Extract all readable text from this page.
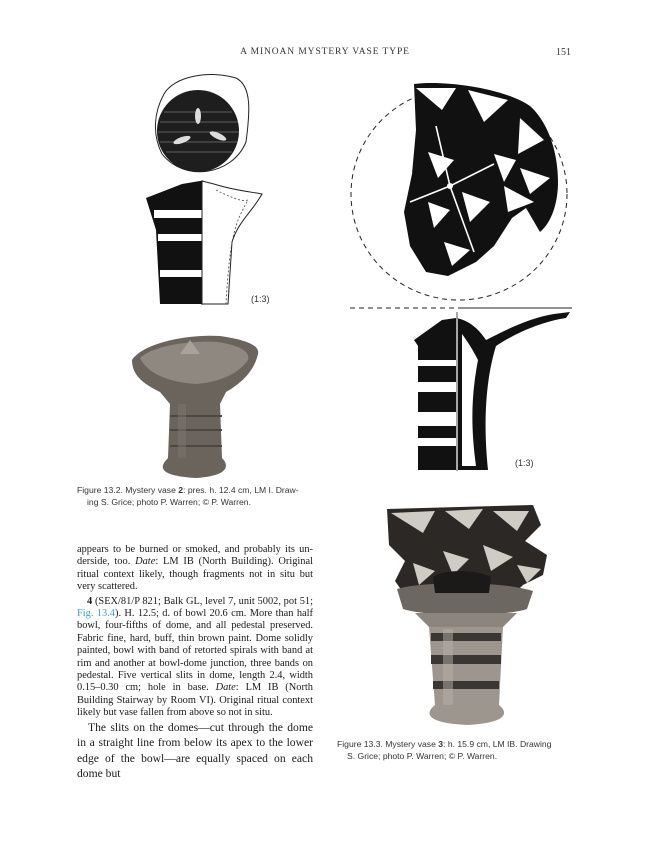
A MINOAN MYSTERY VASE TYPE	151
(1:3)
Figure 13.2. Mystery vase 2: pres. h. 12.4 cm, LM I. Draw-
ing S. Grice; photo P. Warren; © P. Warren.
(1:3)

appears to be burned or smoked, and probably its un-derside, too. Date: LM IB (North Building). Original ritual context likely, though fragments not in situ but very scattered.

4 (SEX/81/P 821; Balk GL, level 7, unit 5002, pot 51; Fig. 13.4). H. 12.5; d. of bowl 20.6 cm. More than half bowl, four-fifths of dome, and all pedestal preserved. Fabric fine, hard, buff, thin brown paint. Dome solidly painted, bowl with band of retorted spirals with band at rim and another at bowl-dome junction, three bands on pedestal. Five vertical slits in dome, length 2.4, width 0.15–0.30 cm; hole in base. Date: LM IB (North Building Stairway by Room VI). Original ritual context likely but vase fallen from above so not in situ.

The slits on the domes—cut through the dome in a straight line from below its apex to the lower edge of the bowl—are equally spaced on each dome but

Figure 13.3. Mystery vase 3: h. 15.9 cm, LM IB. Drawing
S. Grice; photo P. Warren; © P. Warren.
